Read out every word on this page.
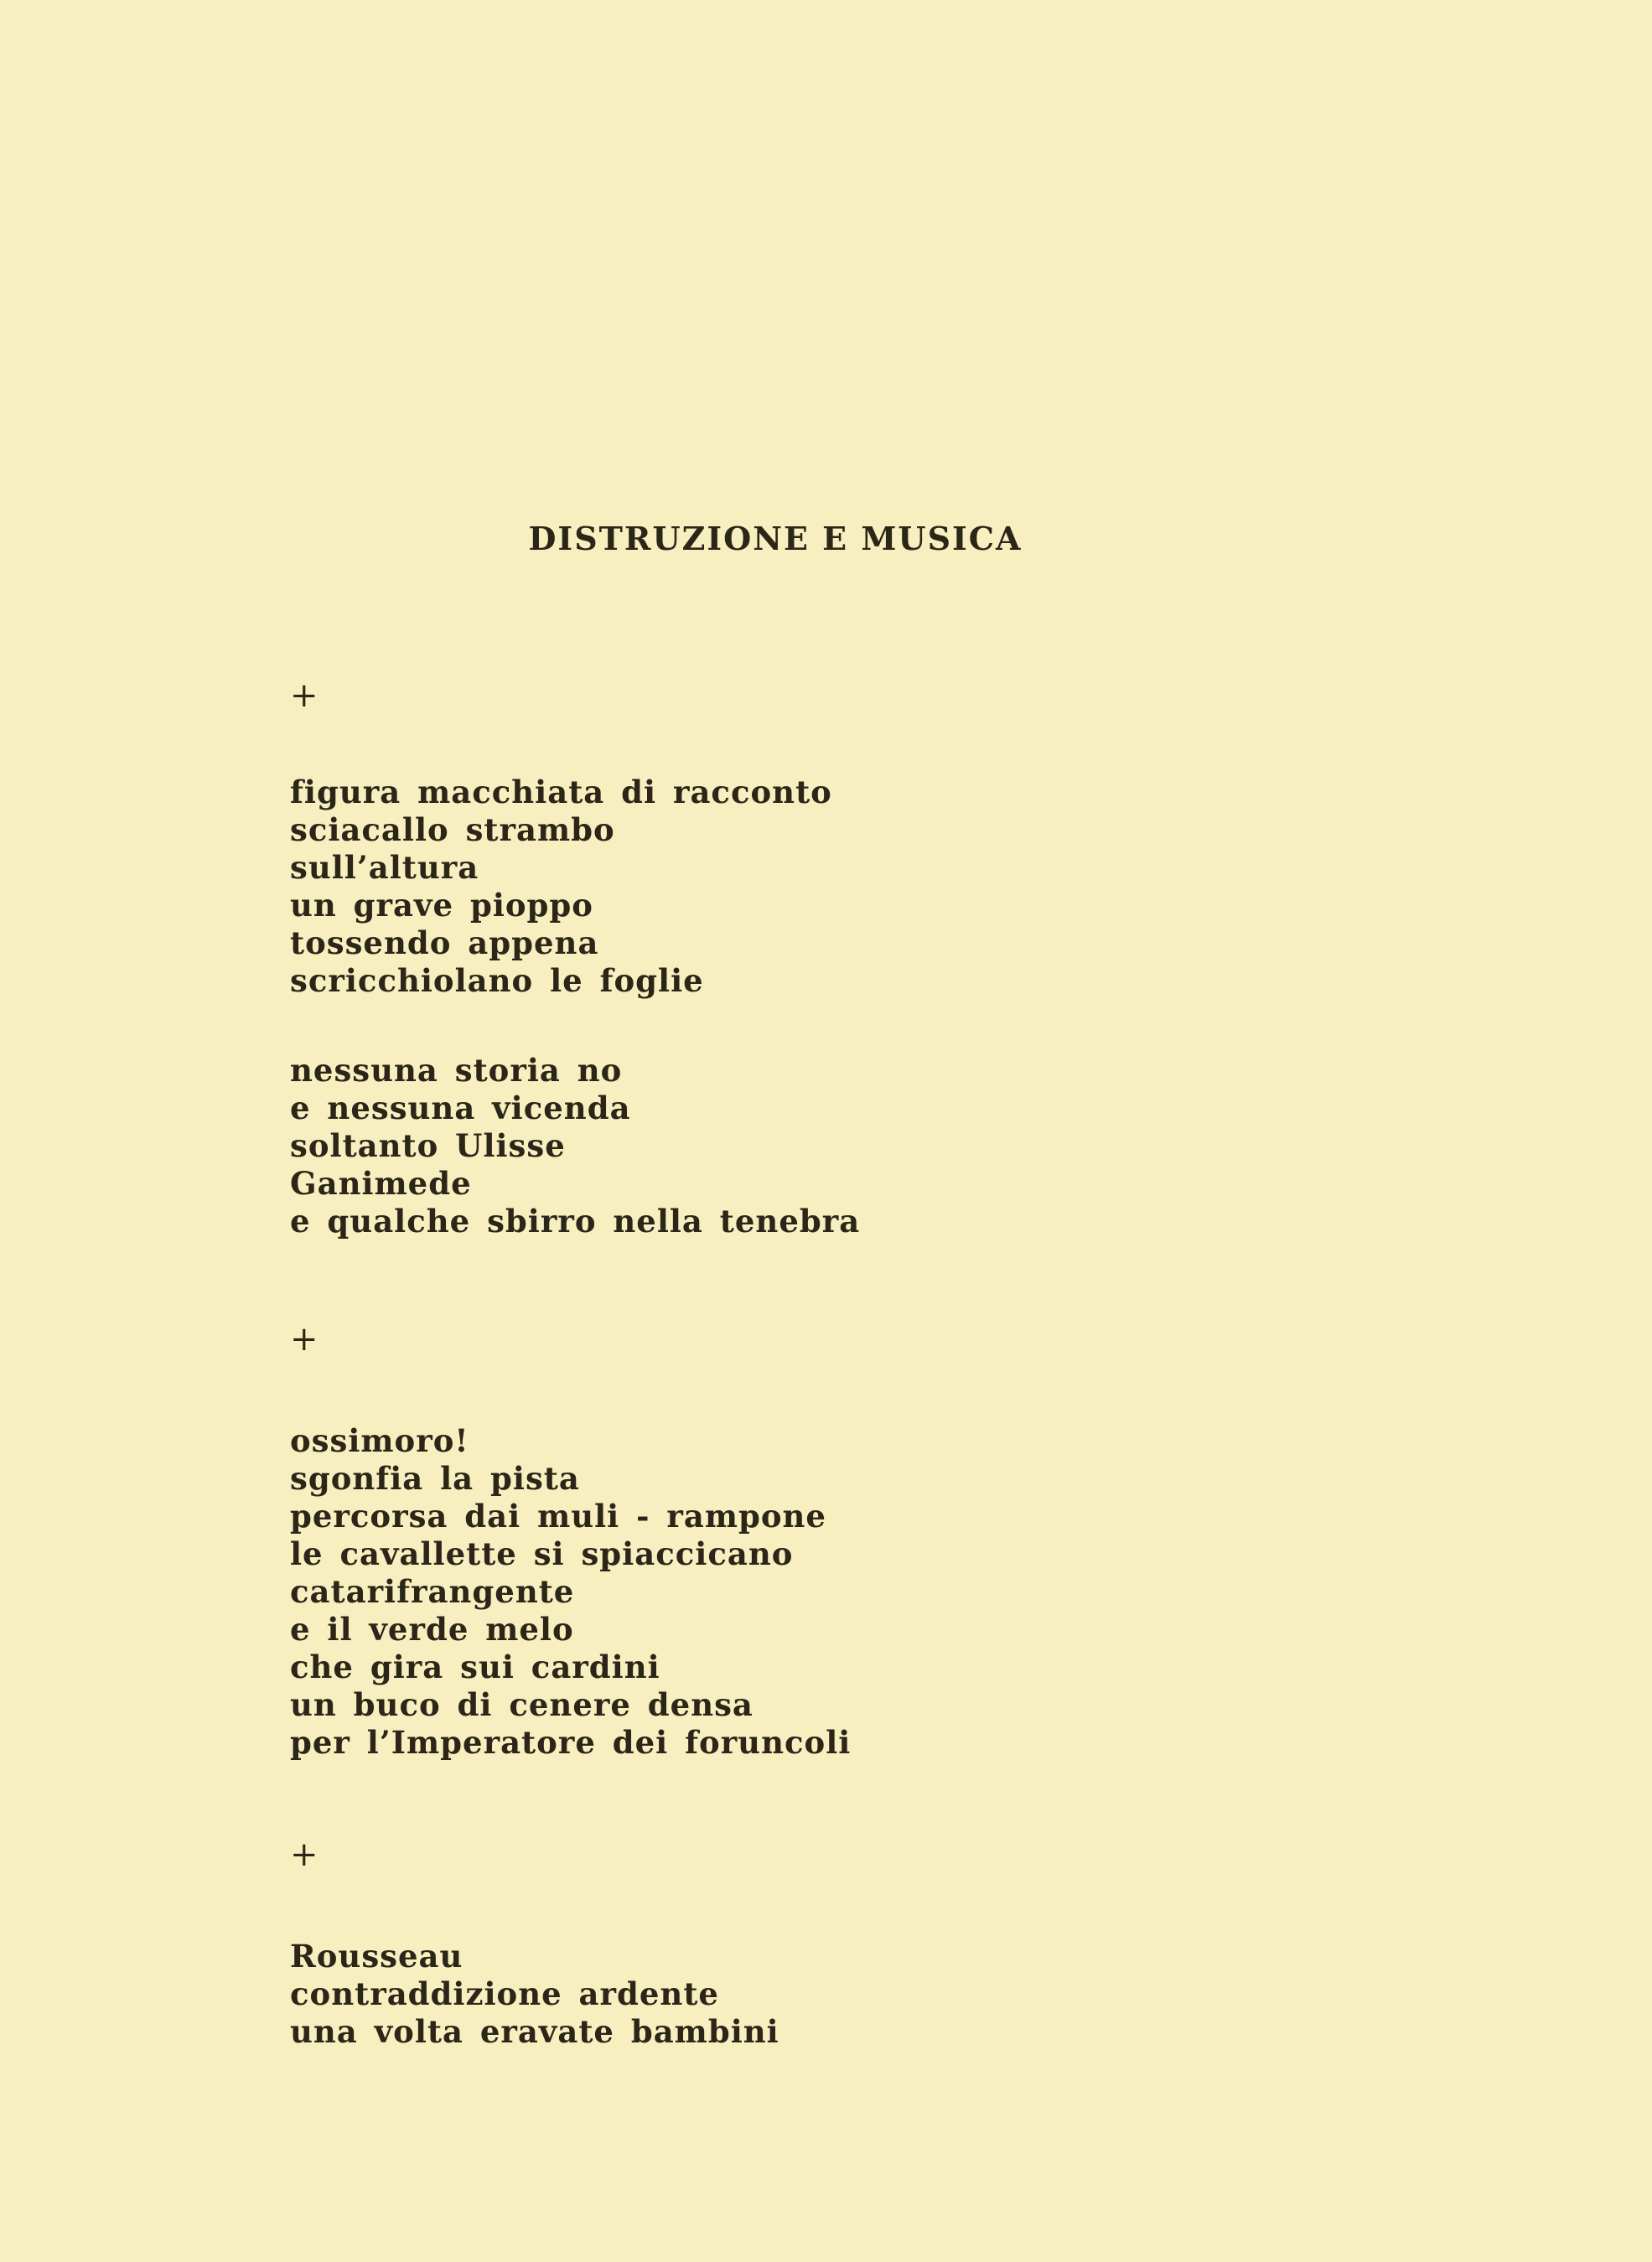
DISTRUZIONE E MUSICA
+
figura macchiata di racconto
sciacallo strambo
sull’altura
un grave pioppo
tossendo appena
scricchiolano le foglie
nessuna storia no
e nessuna vicenda
soltanto Ulisse
Ganimede
e qualche sbirro nella tenebra
+
ossimoro!
sgonfia la pista
percorsa dai muli - rampone
le cavallette si spiaccicano
catarifrangente
e il verde melo
che gira sui cardini
un buco di cenere densa
per l’Imperatore dei foruncoli
+
Rousseau
contraddizione ardente
una volta eravate bambini
